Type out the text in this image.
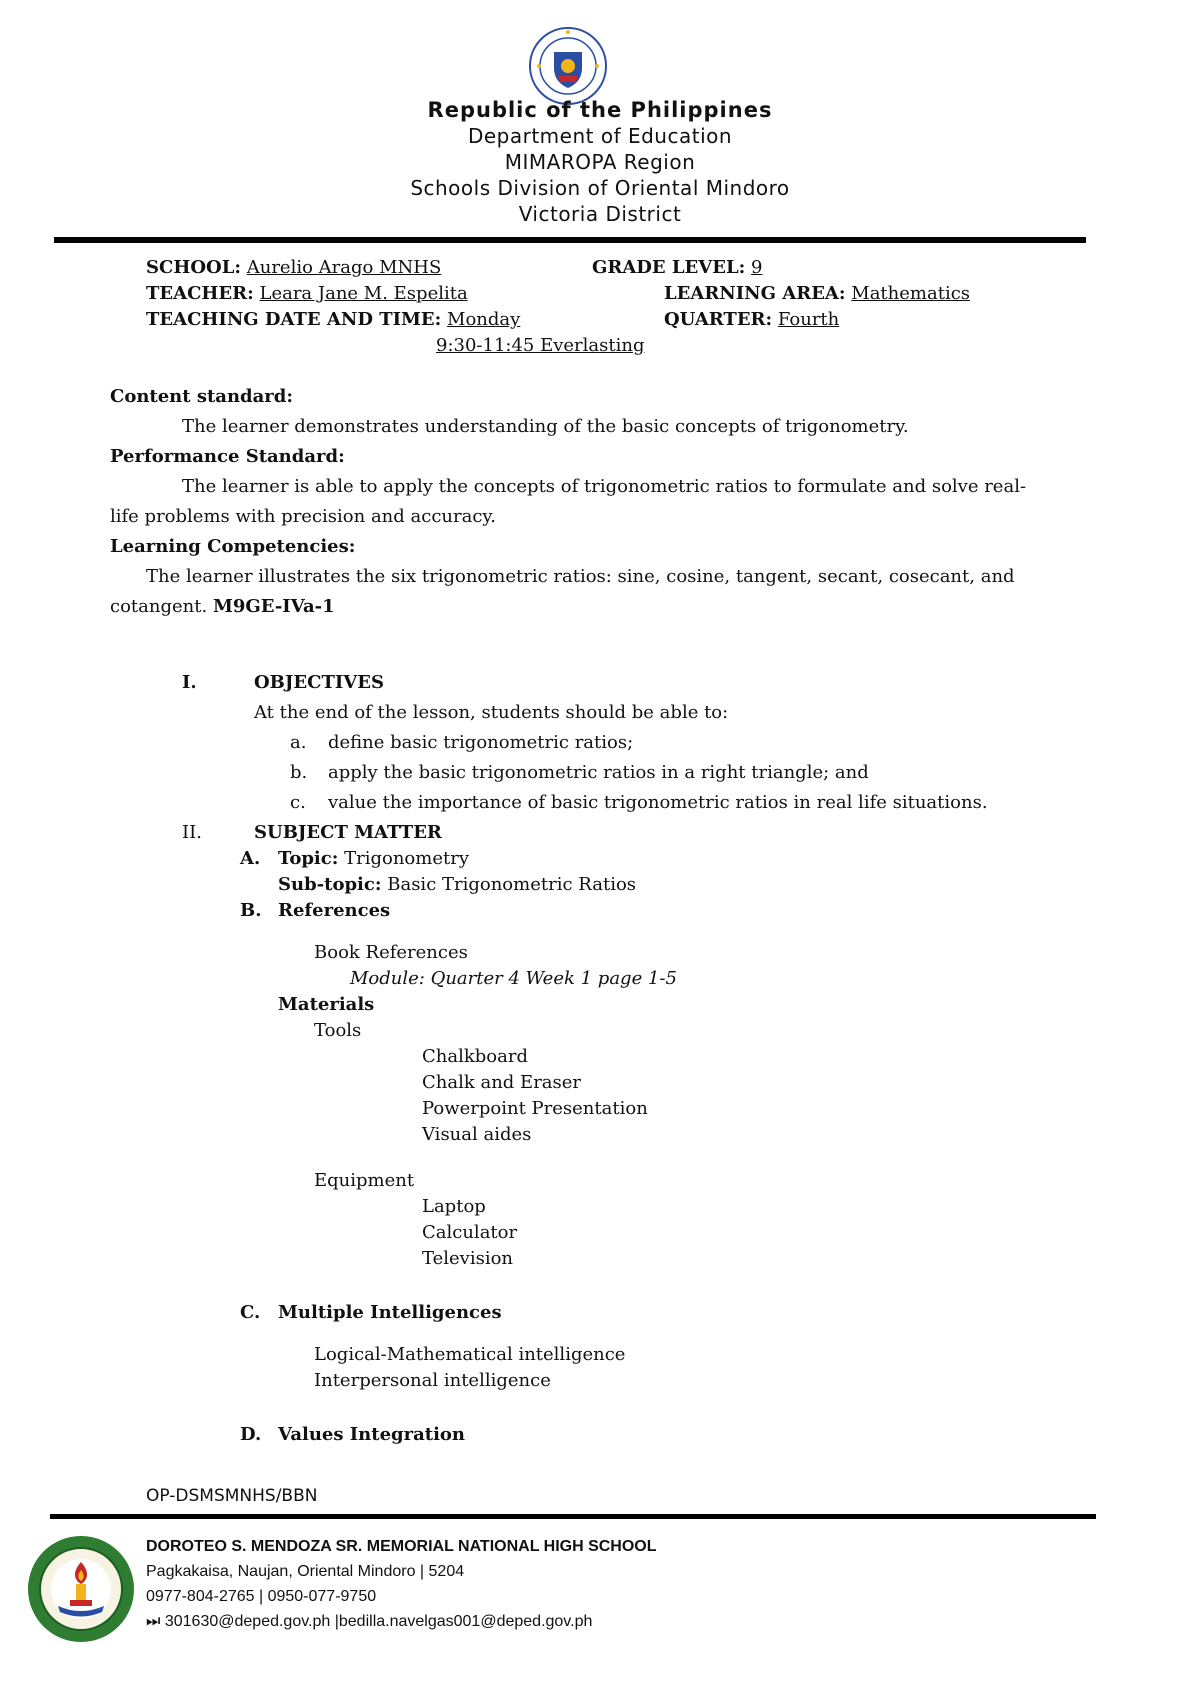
Republic of the Philippines
Department of Education
MIMAROPA Region
Schools Division of Oriental Mindoro
Victoria District
SCHOOL: Aurelio Arago MNHS	GRADE LEVEL: 9
TEACHER: Leara Jane M. Espelita	LEARNING AREA: Mathematics
TEACHING DATE AND TIME: Monday	QUARTER: Fourth
9:30-11:45 Everlasting
Content standard:
The learner demonstrates understanding of the basic concepts of trigonometry.
Performance Standard:
The learner is able to apply the concepts of trigonometric ratios to formulate and solve real-
life problems with precision and accuracy.
Learning Competencies:
The learner illustrates the six trigonometric ratios: sine, cosine, tangent, secant, cosecant, and
cotangent. M9GE-IVa-1
I.	OBJECTIVES
At the end of the lesson, students should be able to:
a. define basic trigonometric ratios;
b. apply the basic trigonometric ratios in a right triangle; and
c. value the importance of basic trigonometric ratios in real life situations.
II.	SUBJECT MATTER
A. Topic: Trigonometry
Sub-topic: Basic Trigonometric Ratios
B. References
Book References
Module: Quarter 4 Week 1 page 1-5
Materials
Tools
Chalkboard
Chalk and Eraser
Powerpoint Presentation
Visual aides
Equipment
Laptop
Calculator
Television
C. Multiple Intelligences
Logical-Mathematical intelligence
Interpersonal intelligence
D. Values Integration
OP-DSMSMNHS/BBN
DOROTEO S. MENDOZA SR. MEMORIAL NATIONAL HIGH SCHOOL
Pagkakaisa, Naujan, Oriental Mindoro | 5204
0977-804-2765 | 0950-077-9750
⏭ 301630@deped.gov.ph |bedilla.navelgas001@deped.gov.ph
